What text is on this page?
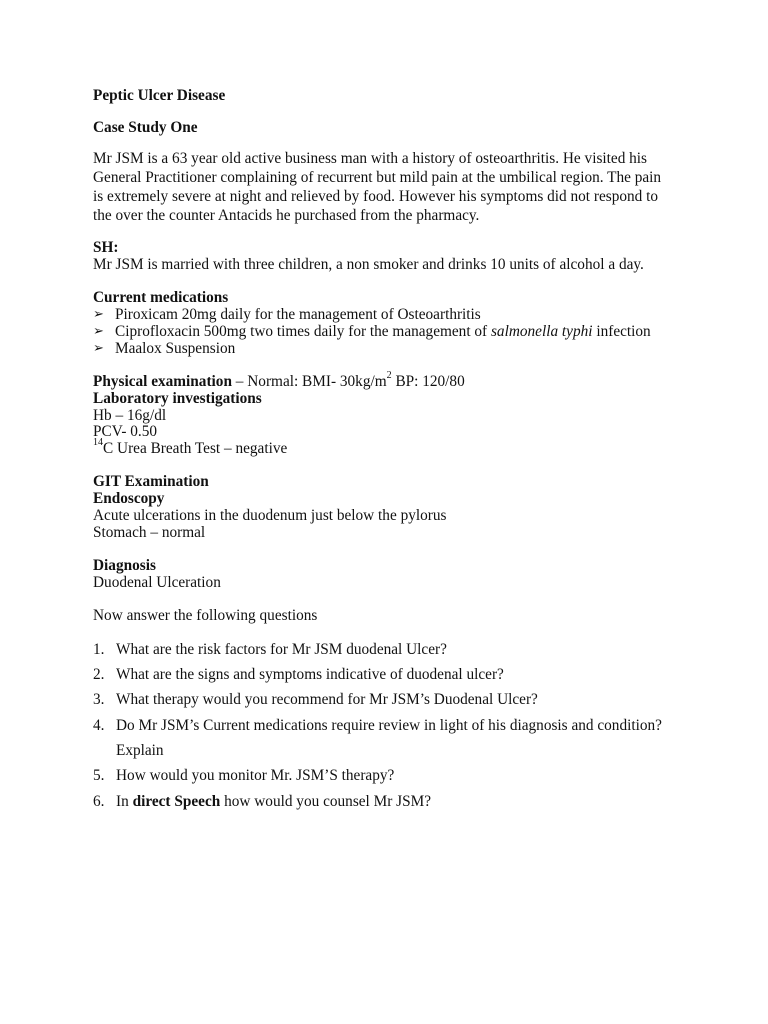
Peptic Ulcer Disease
Case Study One
Mr JSM is a 63 year old active business man with a history of osteoarthritis. He visited his
General Practitioner complaining of recurrent but mild pain at the umbilical region. The pain
is extremely severe at night and relieved by food. However his symptoms did not respond to
the over the counter Antacids he purchased from the pharmacy.
SH:
Mr JSM is married with three children, a non smoker and drinks 10 units of alcohol a day.
Current medications
➢ Piroxicam 20mg daily for the management of Osteoarthritis
➢ Ciprofloxacin 500mg two times daily for the management of salmonella typhi infection
➢ Maalox Suspension
Physical examination – Normal: BMI- $30kg/m^2$ BP: 120/80
Laboratory investigations
Hb – 16g/dl
PCV- 0.50
$^{14}$C Urea Breath Test – negative
GIT Examination
Endoscopy
Acute ulcerations in the duodenum just below the pylorus
Stomach – normal
Diagnosis
Duodenal Ulceration
Now answer the following questions
1. What are the risk factors for Mr JSM duodenal Ulcer?
2. What are the signs and symptoms indicative of duodenal ulcer?
3. What therapy would you recommend for Mr JSM’s Duodenal Ulcer?
4. Do Mr JSM’s Current medications require review in light of his diagnosis and condition?
Explain
5. How would you monitor Mr. JSM’S therapy?
6. In direct Speech how would you counsel Mr JSM?
